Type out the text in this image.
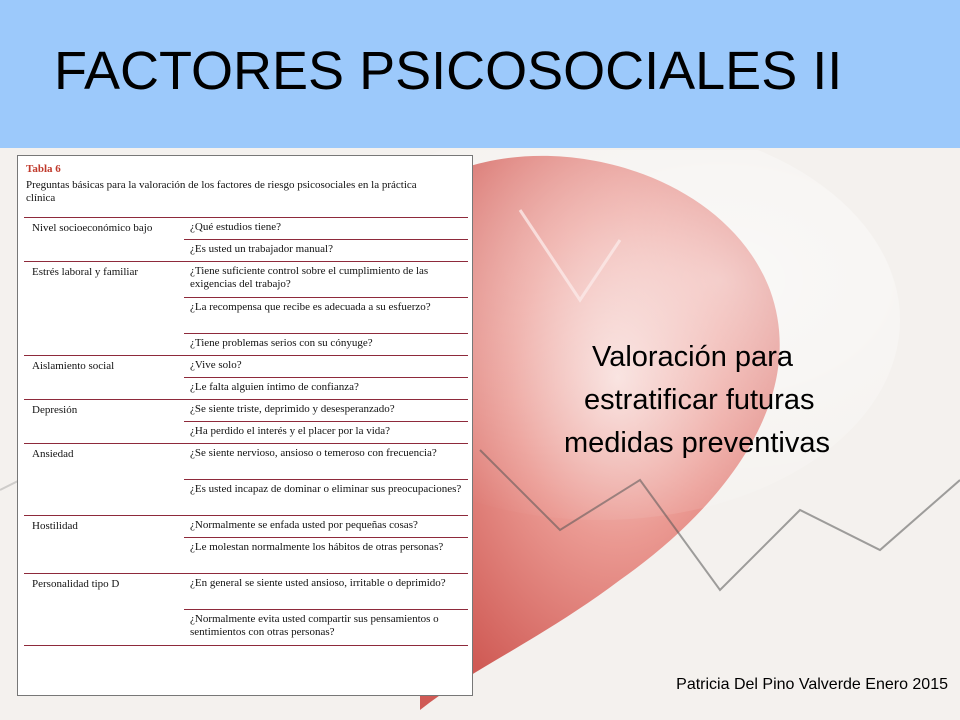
FACTORES PSICOSOCIALES II
Tabla 6
Preguntas básicas para la valoración de los factores de riesgo psicosociales en la práctica clínica
Nivel socioeconómico bajo	¿Qué estudios tiene?
¿Es usted un trabajador manual?
Estrés laboral y familiar	¿Tiene suficiente control sobre el cumplimiento de las exigencias del trabajo?
¿La recompensa que recibe es adecuada a su esfuerzo?
¿Tiene problemas serios con su cónyuge?
Aislamiento social	¿Vive solo?
¿Le falta alguien íntimo de confianza?
Depresión	¿Se siente triste, deprimido y desesperanzado?
¿Ha perdido el interés y el placer por la vida?
Ansiedad	¿Se siente nervioso, ansioso o temeroso con frecuencia?
¿Es usted incapaz de dominar o eliminar sus preocupaciones?
Hostilidad	¿Normalmente se enfada usted por pequeñas cosas?
¿Le molestan normalmente los hábitos de otras personas?
Personalidad tipo D	¿En general se siente usted ansioso, irritable o deprimido?
¿Normalmente evita usted compartir sus pensamientos o sentimientos con otras personas?
Valoración para
estratificar futuras
medidas preventivas
Patricia Del Pino Valverde Enero 2015
